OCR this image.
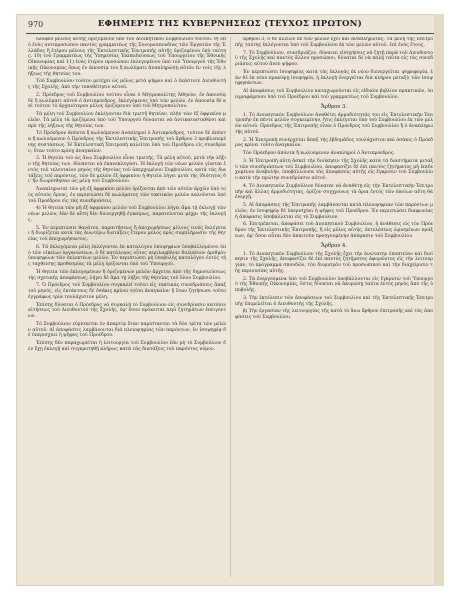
970	ΕΦΗΜΕΡΙΣ ΤΗΣ ΚΥΒΕΡΝΗΣΕΩΣ (ΤΕΥΧΟΣ ΠΡΩΤΟΝ)

ολόφου μελους αυτής ὁριζόμενον ὑπὸ τοῦ Διοικητικοῦ Συμβουλίου τούτου. 9) ὑπὸ ἑνὸς αντιπροσώπου παντὸς γραμματέως τῆς Συνομοσπονδίας τῶν Ἐργατῶν τῆς Ἑλλάδος ἢ ἑτέρου μέλους τῆς Ἐκτελεστικῆς Ἐπιτροπῆς αὐτῆς ὁριζομένου ὑπὸ ταύτης. 10) τοῦ Γραμματέως τῆς Ὑπηρεσίας Ἐκπαιδεύσεως τοῦ Ὑπουργείου τῆς Ἐθνικῆς Οἰκονομίας καὶ 11) ἑνὸς ἑτέρου προσώπου ἐκλεγομένου ὑπὸ τοῦ Ὑπουργοῦ τῆς Ἐθνικῆς Οἰκονομίας ὅπως ἐν ἀπουσίᾳ του ἢ κωλύματι ἀναπληρώσῃ αὐτόν ἐν τοῖς τῆς λήξεως τῆς θητείας του.

Τοῦ Συμβουλίου τούτου μετέχει ὡς μέλος μετὰ ψήφου καὶ ὁ ἐκάστοτε Διευθυντὴς τῆς Σχολῆς, ἀπὸ τὴν τοποθέτησιν αὐτοῦ.

2. Πρόεδρος τοῦ Συμβουλίου τούτου εἶναι ὁ Μητροπολίτης Ἀθηνῶν, ἐν ἀπουσίᾳ δὲ ἢ κωλύματι αὐτοῦ ὁ ἀντιπρόεδρος, ἐκλεγόμενος ὑπὸ τῶν μελῶν, ἐν ἀπουσίᾳ δὲ καὶ τούτου τὸ ἀρχαιότερον μέλος ὁριζόμενον ὑπὸ τοῦ Μητροπολίτου.

Τὰ μέλη τοῦ Συμβουλίου ἐκλέγονται διὰ τριετῆ θητείαν, πλὴν τῶν ἐξ ὀφφικίου μελῶν. Τὰ μέλη τὰ ὁριζόμενα ὑπὸ τοῦ Ὑπουργοῦ δύνανται νὰ ἀντικατασταθῶσι καὶ πρὸ τῆς λήξεως τῆς θητείας των.

Τὸ Πρόεδρον ἀπόντα ἢ κωλυόμενον ἀναπληροῖ ὁ Ἀντιπρόεδρος, τοῦτον δὲ ἀπόντα ἢ κωλυόμενον ὁ Πρόεδρος τῆς Ἐκτελεστικῆς Ἐπιτροπῆς τοῦ ἄρθρου 3 προβλεπομένης συστάσεως. Ἡ Ἐκτελεστικὴ Ἐπιτροπὴ καλεῖται ὑπὸ τοῦ Προέδρου εἰς συνεδρίαν, ὅταν τοῦτο κρίνῃ ἀναγκαῖον.

3. Ἡ θητεία τοῦ ὡς ἄνω Συμβουλίου εἶναι τριετής. Τὰ μέλη αὐτοῦ, μετὰ τὴν λῆξιν τῆς θητείας των, δύνανται νὰ ἐπανεκλεγῶσι. Ἡ ἐκλογὴ τῶν νέων μελῶν γίνεται ἐντὸς τοῦ τελευταίου μηνὸς τῆς θητείας τοῦ ἀπερχομένου Συμβουλίου, κατὰ τὰς διατάξεις τοῦ παρόντος, τῶν δὲ μελῶν ἐξ ὀφφικίου ἡ θητεία λήγει μετὰ τῆς ἰδιότητος δι' ἣν διωρίσθησαν ὡς μέλη τοῦ Συμβουλίου.

Ἀναπληρωταὶ τῶν μὴ ἐξ ὀφφικίου μελῶν ὁρίζονται ἀπὸ τῶν αὐτῶν ἀρχῶν ὑπὸ τοὺς αὐτοὺς ὅρους, ἐν περιπτώσει δὲ κωλύματος τῶν τακτικῶν μελῶν καλοῦνται ὑπὸ τοῦ Προέδρου εἰς τὰς συνεδριάσεις.

4) Ἡ θητεία τῶν μὴ ἐξ ὀφφικίου μελῶν τοῦ Συμβουλίου λήγει ἅμα τῇ ἐκλογῇ τῶν νέων μελῶν, ἐὰν δὲ αὕτη δὲν διενεργηθῇ ἐγκαίρως, παρατείνεται μέχρι τῆς ἐκλογῆς.

5. Ἐν περιπτώσει θανάτου, παραιτήσεως ἢ ἀποχωρήσεως μέλους τινὸς ἐκλέγεται ἢ διορίζεται κατὰ τὰς ἀνωτέρω διατάξεις ἕτερον μέλος πρὸς συμπλήρωσιν τῆς θητείας τοῦ ἀποχωρήσαντος.

6. Τὰ ἐκλεγόμενα μέλη ἐκλέγονται ἐκ καταλόγου ὑποψηφίων ὑποβαλλομένου ὑπὸ τῶν οἰκείων ὀργανώσεων, ὁ δὲ κατάλογος οὗτος περιλαμβάνει διπλάσιον ἀριθμὸν ὑποψηφίων τῶν ἐκλεκτέων μελῶν. Ἐν περιπτώσει μὴ ὑποβολῆς καταλόγου ἐντὸς τῆς ταχθείσης προθεσμίας τὰ μέλη ὁρίζονται ὑπὸ τοῦ Ὑπουργοῦ.

Ἡ θητεία τῶν ἐκλεγομένων ἢ ὁριζομένων μελῶν ἄρχεται ἀπὸ τῆς δημοσιεύσεως τῆς σχετικῆς ἀποφάσεως, λήγει δὲ ἅμα τῇ λήξει τῆς θητείας τοῦ ὅλου Συμβουλίου.

7. Ὁ Πρόεδρος τοῦ Συμβουλίου συγκαλεῖ τοῦτο εἰς τακτικὰς συνεδριάσεις ἅπαξ τοῦ μηνός, εἰς ἐκτάκτους δὲ ὁσάκις κρίνει τοῦτο ἀναγκαῖον ἢ ὅταν ζητήσωσι τοῦτο ἐγγράφως τρία τουλάχιστον μέλη.

Ἐπίσης δύναται ὁ Πρόεδρος νὰ συγκαλῇ τὸ Συμβούλιον εἰς συνεδρίασιν κατόπιν αἰτήσεως τοῦ Διευθυντοῦ τῆς Σχολῆς, ἐφ' ὅσον πρόκειται περὶ ζητημάτων ἐπειγόντων.

Τὸ Συμβούλιον εὑρίσκεται ἐν ἀπαρτίᾳ ὅταν παρίστανται τὰ δύο τρίτα τῶν μελῶν αὐτοῦ. Αἱ ἀποφάσεις λαμβάνονται διὰ πλειοψηφίας τῶν παρόντων, ἐν ἰσοψηφίᾳ δὲ ὑπερισχύει ἡ ψῆφος τοῦ Προέδρου.

Ἐπίσης δὲν παραχωρεῖται ἡ λειτουργία τοῦ Συμβουλίου ἐὰν μὴ τὸ Συμβούλιον δὲν ἔχῃ ἐκλεγῇ καὶ συγκροτηθῇ πλήρως κατὰ τὰς διατάξεις τοῦ παρόντος νόμου.

ἄρθρου 3, ὁ δὲ πλείων ἐκ τῶν μελῶν ἔχει καὶ ἀναπληρωτάς. Τὰ μέλη τῆς Ἐπιτροπῆς ταύτης ἐκλέγονται ὑπὸ τοῦ Συμβουλίου ἐκ τῶν μελῶν αὐτοῦ, ἐπὶ ἑνὸς ἔτους.

7. Τὸ Συμβούλιον, συνεδριάζον, δύναται εἰσηγήσεις νὰ ζητῇ παρὰ τοῦ Διευθυντοῦ τῆς Σχολῆς καὶ παντὸς ἄλλου προσώπου, δύναται δὲ νὰ καλῇ ταῦτα εἰς τὰς συνεδριάσεις αὐτοῦ ἄνευ ψήφου.

Ἐν περιπτώσει ἰσοψηφίας κατὰ τὰς ἐκλογὰς ἐκ νέου διενεργεῖται ψηφοφορία, ἐὰν δὲ ἐκ νέου προκύψῃ ἰσοψηφία, ἡ ἐκλογὴ ἐνεργεῖται διὰ κλήρου μεταξὺ τῶν ἰσοψηφησάντων.

Αἱ ἀποφάσεις τοῦ Συμβουλίου καταχωροῦνται εἰς εἰδικὸν βιβλίον πρακτικῶν, ὑπογραφόμενον ὑπὸ τοῦ Προέδρου καὶ τοῦ γραμματέως τοῦ Συμβουλίου.

Ἄρθρον 3.

1. Τὸ Διοικητικὸν Συμβούλιον ἀναθέτει ἁρμοδιότητάς του εἰς Ἐκτελεστικὴν Ἐπιτροπὴν ἐκ πέντε μελῶν συγκειμένην, ἥτις ἐκλέγεται ὑπὸ τοῦ Συμβουλίου ἐκ τῶν μελῶν αὐτοῦ. Πρόεδρος τῆς Ἐπιτροπῆς εἶναι ὁ Πρόεδρος τοῦ Συμβουλίου ἢ ὁ ἀναπληρωτὴς αὐτοῦ.

2. Ἡ Ἐπιτροπὴ συνέρχεται ἅπαξ τῆς ἑβδομάδος τουλάχιστον καὶ ὁσάκις ὁ Πρόεδρος κρίνει τοῦτο ἀναγκαῖον.

Τὸν Πρόεδρον ἀπόντα ἢ κωλυόμενον ἀναπληροῖ ὁ Ἀντιπρόεδρος.

3. Ἡ Ἐπιτροπὴ αὕτη ἀσκεῖ τὴν διοίκησιν τῆς Σχολῆς κατὰ τὰ διαστήματα μεταξὺ τῶν συνεδριάσεων τοῦ Συμβουλίου, ἀποφασίζει δὲ ἐπὶ παντὸς ζητήματος μὴ ἐπιδεχομένου ἀναβολήν, ὑποβάλλουσα τὰς ἀποφάσεις αὐτῆς εἰς ἔγκρισιν τοῦ Συμβουλίου κατὰ τὴν πρώτην συνεδρίασιν αὐτοῦ.

4. Τὸ Διοικητικὸν Συμβούλιον δύναται νὰ ἀναθέτῃ εἰς τὴν Ἐκτελεστικὴν Ἐπιτροπὴν καὶ ἄλλας ἁρμοδιότητας, ὁρίζον συγχρόνως τὰ ὅρια ἐντὸς τῶν ὁποίων αὕτη θὰ ἐνεργῇ.

5. Αἱ ἀποφάσεις τῆς Ἐπιτροπῆς λαμβάνονται κατὰ πλειοψηφίαν τῶν παρόντων μελῶν, ἐν ἰσοψηφίᾳ δὲ ὑπερισχύει ἡ ψῆφος τοῦ Προέδρου. Ἐν περιπτώσει διαφωνίας ἡ ἀπόφασις ὑποβάλλεται εἰς τὸ Συμβούλιον.

6. Ἐπιτρέπεται, ἀποφάσει τοῦ Διοικητικοῦ Συμβουλίου, ἡ ἀνάθεσις εἰς τὸν Πρόεδρον τῆς Ἐκτελεστικῆς Ἐπιτροπῆς, ἢ εἰς μέλος αὐτῆς, ἐκτελέσεως ὡρισμένων πράξεων, ἐφ' ὅσον αὗται δὲν ἀπαιτοῦν προηγουμένην ἀπόφασιν τοῦ Συμβουλίου.

Ἄρθρον 4.

1. Τὸ Διοικητικὸν Συμβούλιον τῆς Σχολῆς ἔχει τὴν ἀνώτατην ἐποπτείαν καὶ διοίκησιν τῆς Σχολῆς, ἀποφασίζει δὲ ἐπὶ παντὸς ζητήματος ἀφορῶντος εἰς τὴν λειτουργίαν, τὸ πρόγραμμα σπουδῶν, τὸν διορισμὸν τοῦ προσωπικοῦ καὶ τὴν διαχείρισιν τῆς περιουσίας αὐτῆς.

2. Τὰ ἐνεργούμενα ὑπὸ τοῦ Συμβουλίου ὑποβάλλονται εἰς ἔγκρισιν τοῦ Ὑπουργοῦ τῆς Ἐθνικῆς Οἰκονομίας, ὅστις δύναται νὰ ἀκυρώσῃ ταῦτα ἐντὸς μηνὸς ἀπὸ τῆς ὑποβολῆς.

3. Τὴν ἐκτέλεσιν τῶν ἀποφάσεων τοῦ Συμβουλίου καὶ τῆς Ἐκτελεστικῆς Ἐπιτροπῆς ἐπιμελεῖται ὁ Διευθυντὴς τῆς Σχολῆς.

β) Τὴν ἐργασίαν τῆς λειτουργίας τῆς κατὰ τὸ ἄνω ἄρθρον ἐπιτροπῆς καὶ τὰς ἀποφάσεις τοῦ Συμβουλίου.
